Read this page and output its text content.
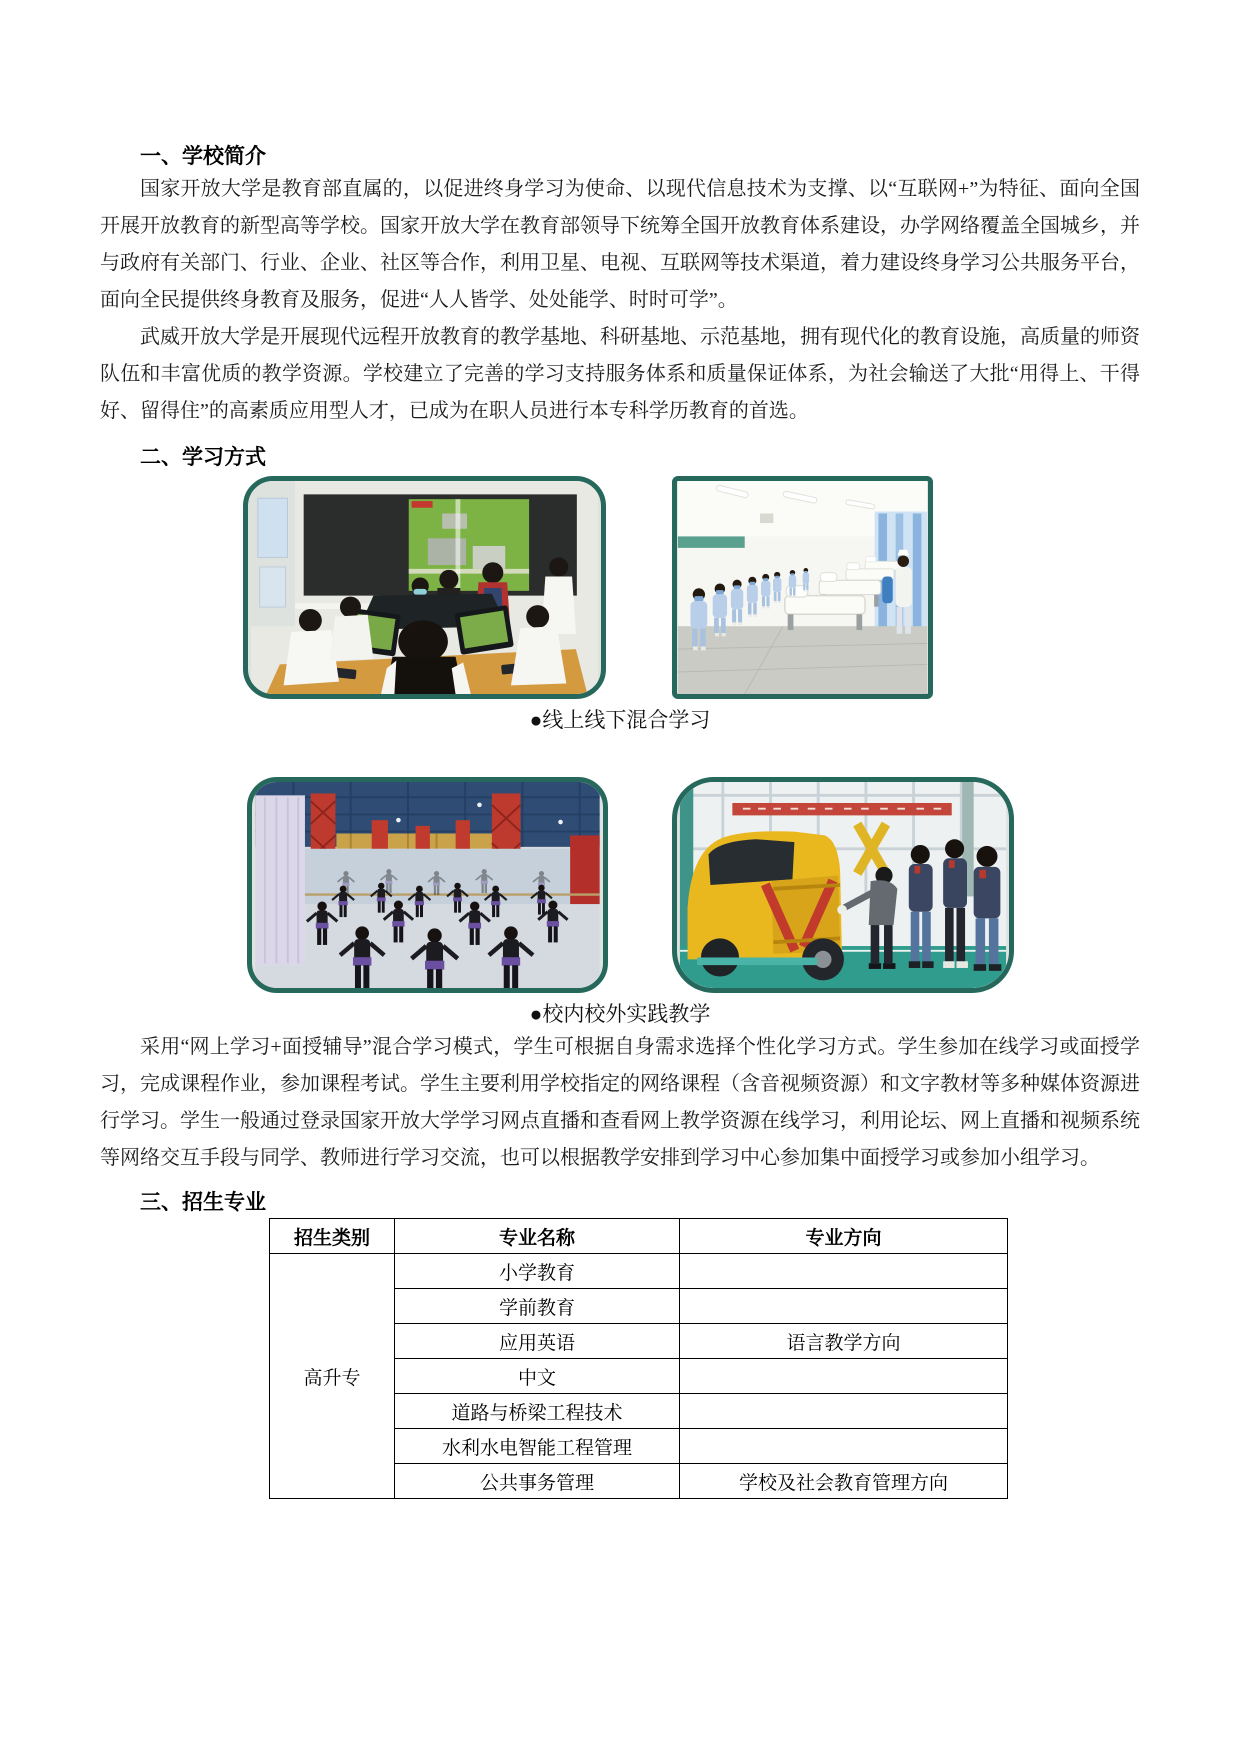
一、学校简介

国家开放大学是教育部直属的，以促进终身学习为使命、以现代信息技术为支撑、以“互联网+”为特征、面向全国开展开放教育的新型高等学校。国家开放大学在教育部领导下统筹全国开放教育体系建设，办学网络覆盖全国城乡，并与政府有关部门、行业、企业、社区等合作，利用卫星、电视、互联网等技术渠道，着力建设终身学习公共服务平台，面向全民提供终身教育及服务，促进“人人皆学、处处能学、时时可学”。

武威开放大学是开展现代远程开放教育的教学基地、科研基地、示范基地，拥有现代化的教育设施，高质量的师资队伍和丰富优质的教学资源。学校建立了完善的学习支持服务体系和质量保证体系，为社会输送了大批“用得上、干得好、留得住”的高素质应用型人才，已成为在职人员进行本专科学历教育的首选。

二、学习方式

●线上线下混合学习

●校内校外实践教学

采用“网上学习+面授辅导”混合学习模式，学生可根据自身需求选择个性化学习方式。学生参加在线学习或面授学习，完成课程作业，参加课程考试。学生主要利用学校指定的网络课程（含音视频资源）和文字教材等多种媒体资源进行学习。学生一般通过登录国家开放大学学习网点直播和查看网上教学资源在线学习，利用论坛、网上直播和视频系统等网络交互手段与同学、教师进行学习交流，也可以根据教学安排到学习中心参加集中面授学习或参加小组学习。

三、招生专业
招生类别	专业名称	专业方向
高升专	小学教育	
	学前教育	
	应用英语	语言教学方向
	中文	
	道路与桥梁工程技术	
	水利水电智能工程管理	
	公共事务管理	学校及社会教育管理方向
